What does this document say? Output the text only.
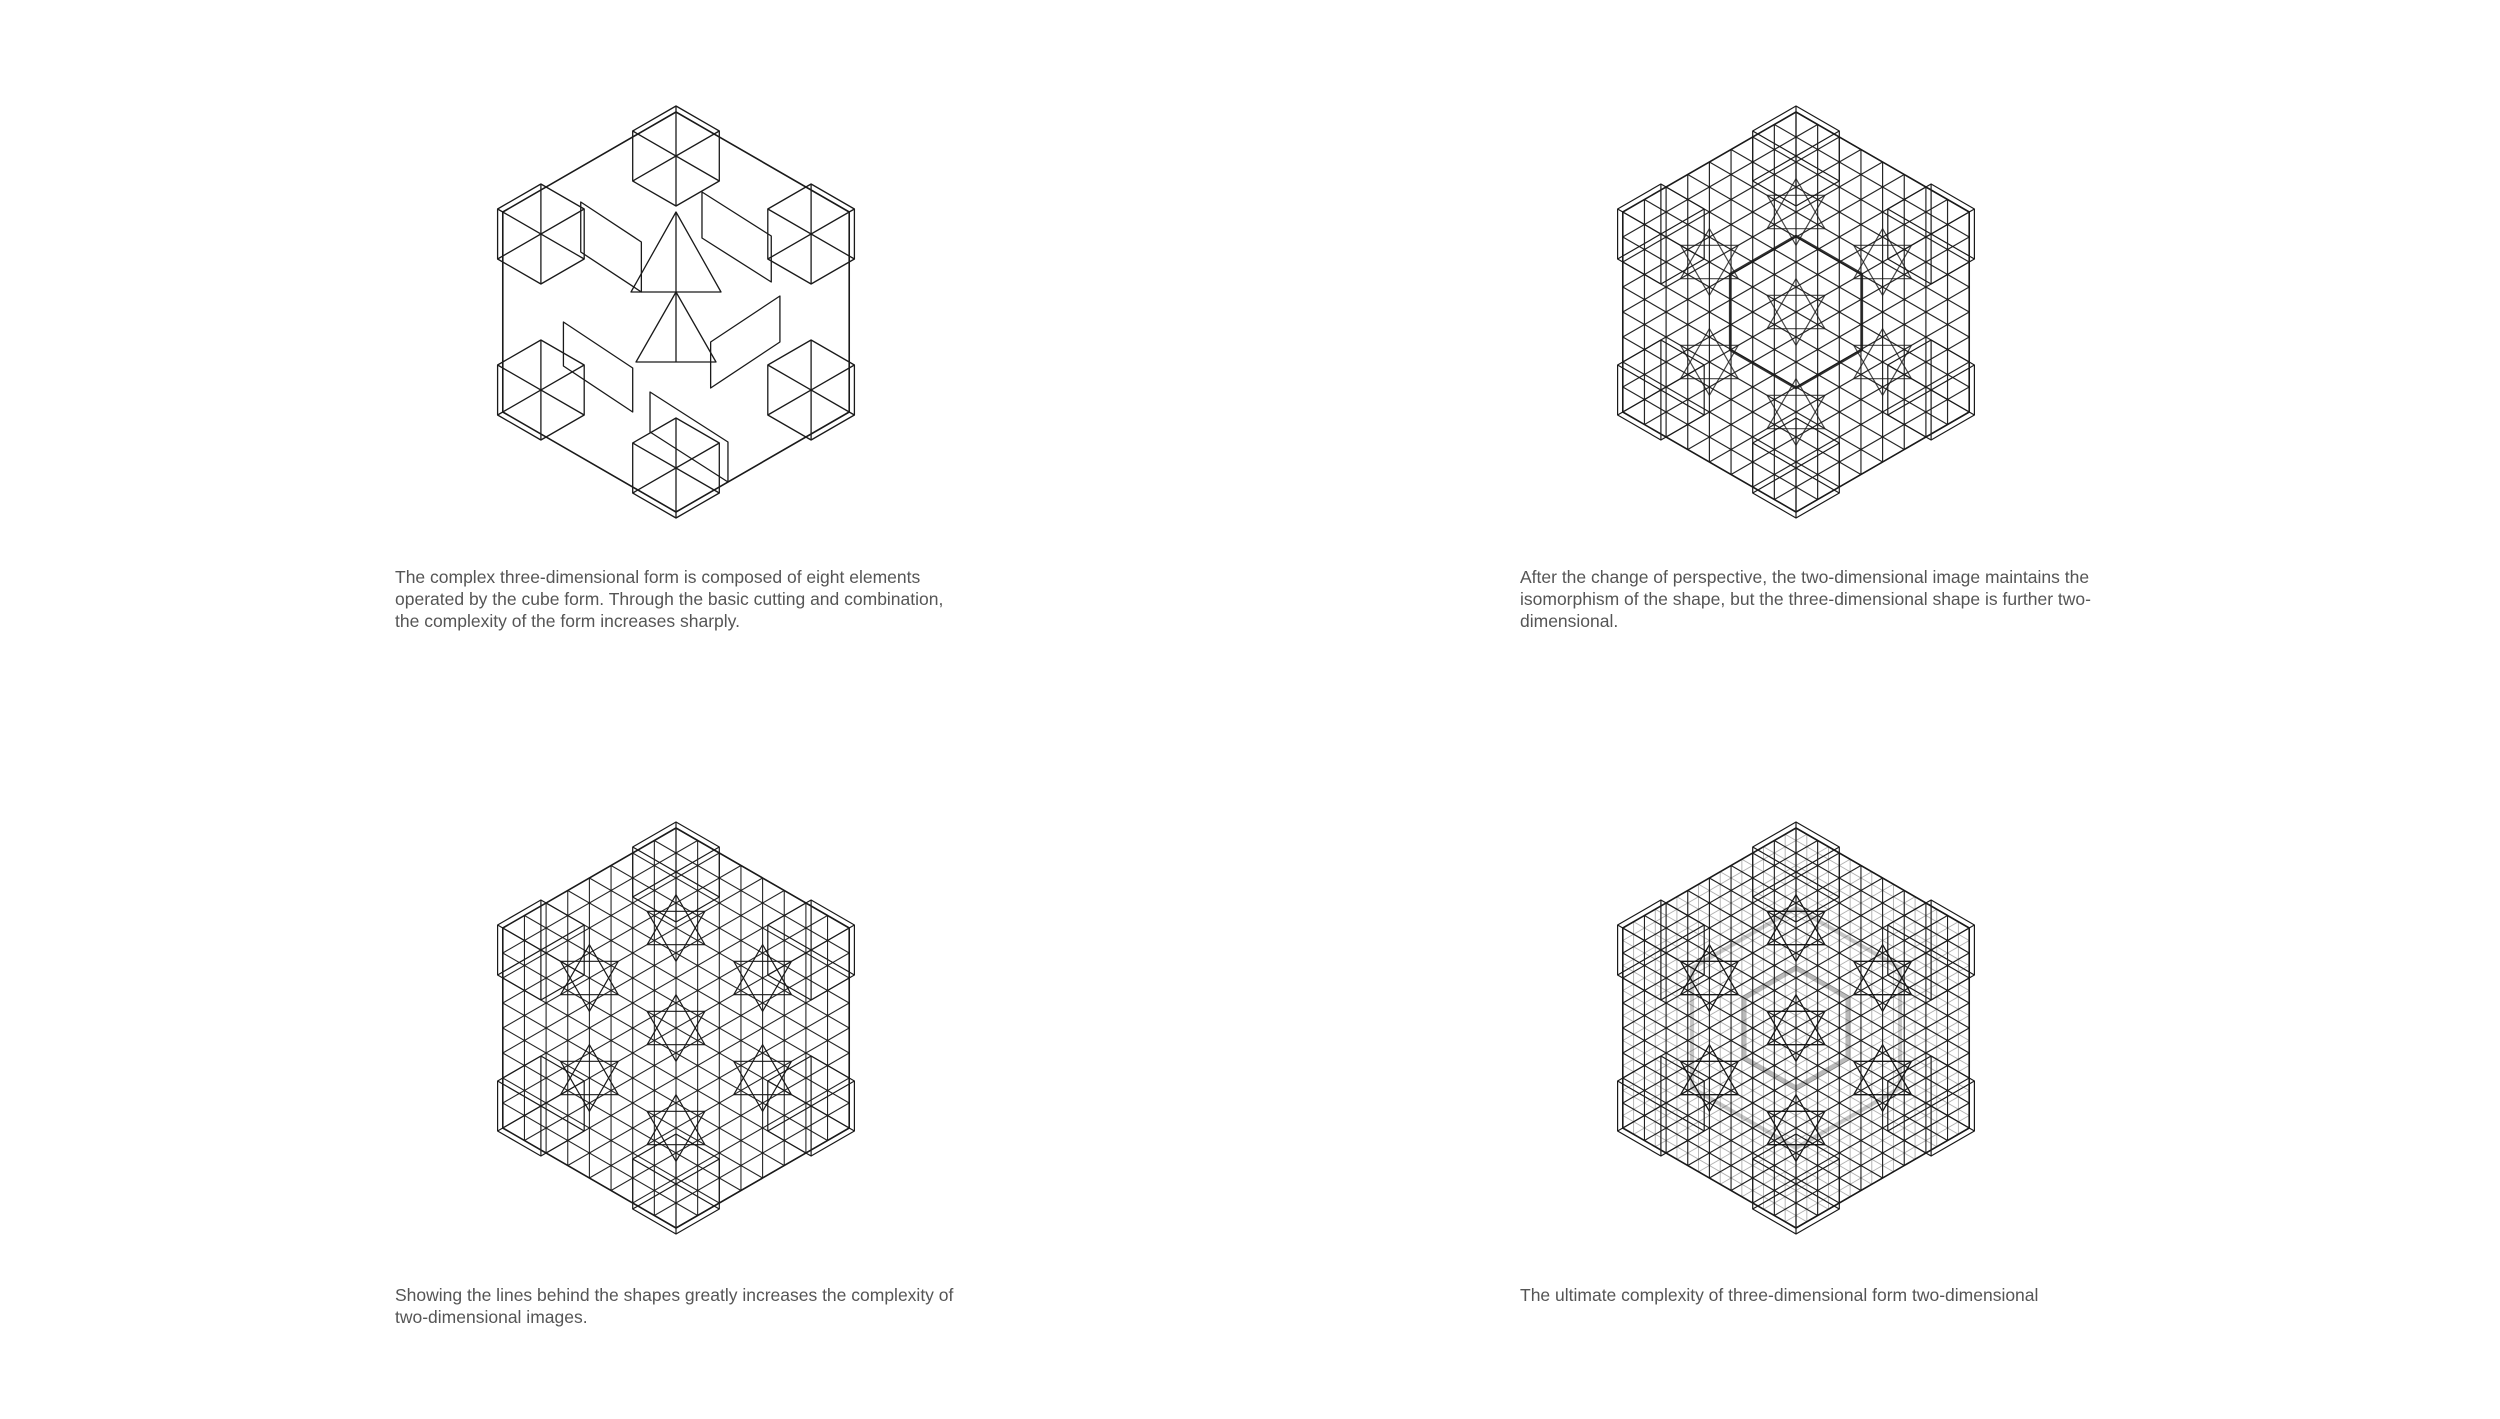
The complex three-dimensional form is composed of eight elements
operated by the cube form. Through the basic cutting and combination,
the complexity of the form increases sharply.

After the change of perspective, the two-dimensional image maintains the
isomorphism of the shape, but the three-dimensional shape is further two-
dimensional.

Showing the lines behind the shapes greatly increases the complexity of
two-dimensional images.

The ultimate complexity of three-dimensional form two-dimensional
